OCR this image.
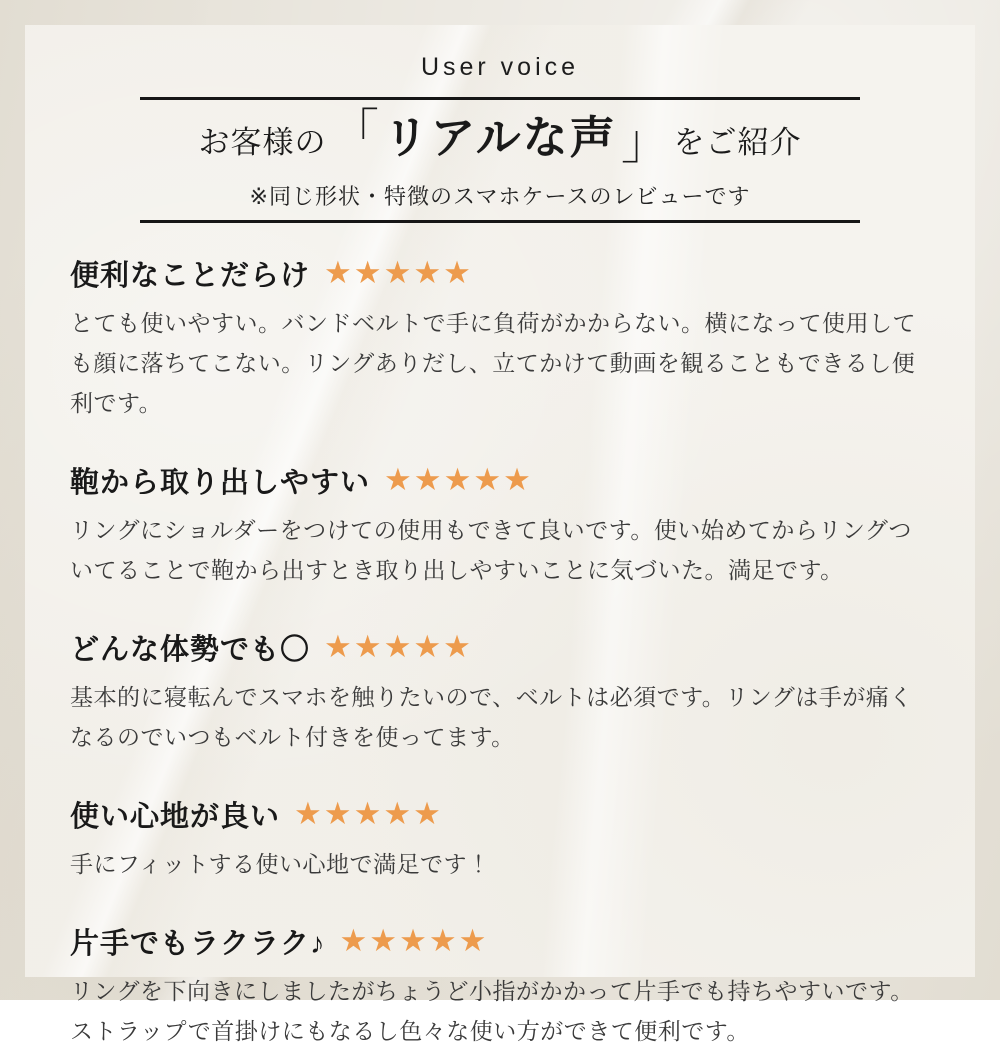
User voice
お客様の 「 リアルな声 」 をご紹介
※同じ形状・特徴のスマホケースのレビューです
便利なことだらけ ★★★★★

とても使いやすい。バンドベルトで手に負荷がかからない。横になって使用しても顔に落ちてこない。リングありだし、立てかけて動画を観ることもできるし便利です。

鞄から取り出しやすい ★★★★★

リングにショルダーをつけての使用もできて良いです。使い始めてからリングついてることで鞄から出すとき取り出しやすいことに気づいた。満足です。

どんな体勢でも〇 ★★★★★

基本的に寝転んでスマホを触りたいので、ベルトは必須です。リングは手が痛くなるのでいつもベルト付きを使ってます。

使い心地が良い ★★★★★

手にフィットする使い心地で満足です！

片手でもラクラク♪ ★★★★★

リングを下向きにしましたがちょうど小指がかかって片手でも持ちやすいです。ストラップで首掛けにもなるし色々な使い方ができて便利です。
